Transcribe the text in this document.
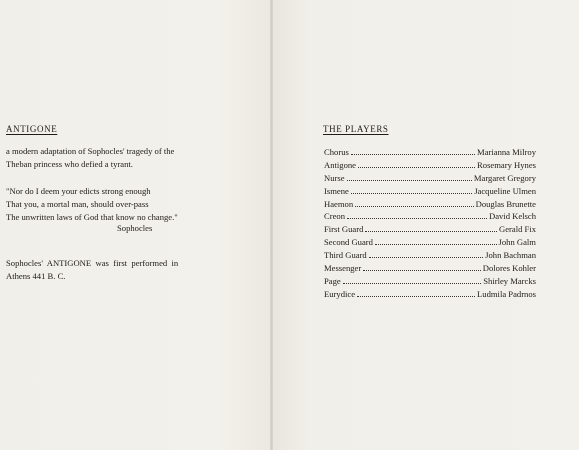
ANTIGONE
a modern adaptation of Sophocles' tragedy of the
Theban princess who defied a tyrant.
"Nor do I deem your edicts strong enough
That you, a mortal man, should over-pass
The unwritten laws of God that know no change."
Sophocles
Sophocles' ANTIGONE was first performed in
Athens 441 B. C.
THE PLAYERS
Chorus	Marianna Milroy
Antigone	Rosemary Hynes
Nurse	Margaret Gregory
Ismene	Jacqueline Ulmen
Haemon	Douglas Brunette
Creon	David Kelsch
First Guard	Gerald Fix
Second Guard	John Galm
Third Guard	John Bachman
Messenger	Dolores Kohler
Page	Shirley Marcks
Eurydice	Ludmila Padrnos
